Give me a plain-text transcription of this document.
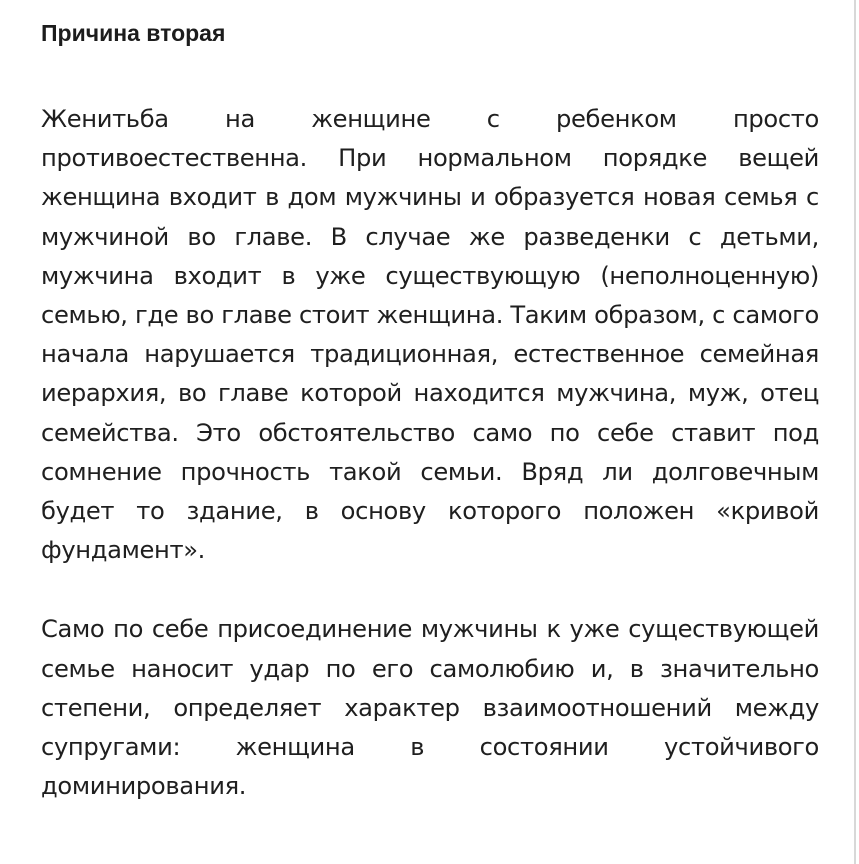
Причина вторая

Женитьба на женщине с ребенком просто противоестественна. При нормальном порядке вещей женщина входит в дом мужчины и образуется новая семья с мужчиной во главе. В случае же разведенки с детьми, мужчина входит в уже существующую (неполноценную) семью, где во главе стоит женщина. Таким образом, с самого начала нарушается традиционная, естественное семейная иерархия, во главе которой находится мужчина, муж, отец семейства. Это обстоятельство само по себе ставит под сомнение прочность такой семьи. Вряд ли долговечным будет то здание, в основу которого положен «кривой фундамент».

Само по себе присоединение мужчины к уже существующей семье наносит удар по его самолюбию и, в значительно степени, определяет характер взаимоотношений между супругами: женщина в состоянии устойчивого доминирования.
